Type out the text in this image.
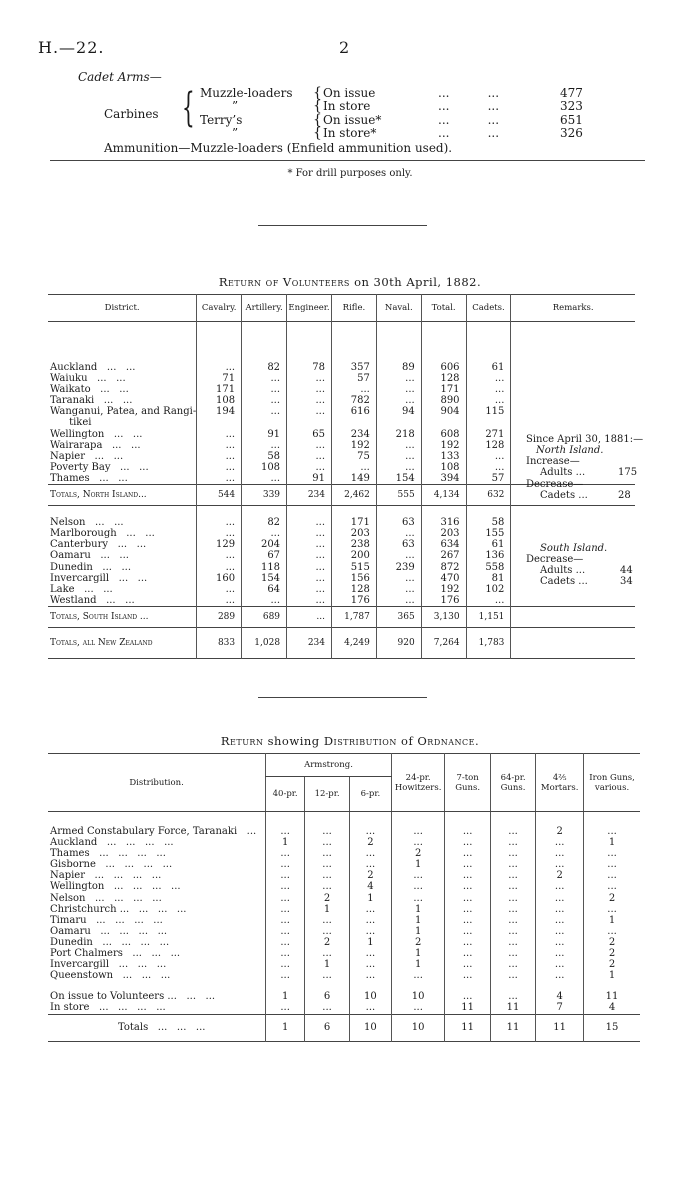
H.—22.	2
Cadet Arms—
Carbines { Muzzle-loaders { On issue	...          ...	477
”	{ In store	...          ...	323
Terry’s	{ On issue*	...          ...	651
”	{ In store*	...          ...	326
Ammunition—Muzzle-loaders (Enfield ammunition used).
* For drill purposes only.
Return of Volunteers on 30th April, 1882.
District.	Cavalry.	Artillery.	Engineer.	Rifle.	Naval.	Total.	Cadets.	Remarks.

Auckland   ...   ...	...	82	78	357	89	606	61	
Waiuku   ...   ...	71	...	...	57	...	128	...	
Waikato   ...   ...	171	...	...	...	...	171	...	
Taranaki   ...   ...	108	...	...	782	...	890	...	
Wanganui, Patea, and Rangi-	194	...	...	616	94	904	115	
tikei								
Wellington   ...   ...	...	91	65	234	218	608	271	
Wairarapa   ...   ...	...	...	...	192	...	192	128	
Napier   ...   ...	...	58	...	75	...	133	...	
Poverty Bay   ...   ...	...	108	...	...	...	108	...	
Thames   ...   ...	...	...	91	149	154	394	57	
Totals, North Island...	544	339	234	2,462	555	4,134	632	

Nelson   ...   ...	...	82	...	171	63	316	58	
Marlborough   ...   ...	...	...	...	203	...	203	155	
Canterbury   ...   ...	129	204	...	238	63	634	61	
Oamaru   ...   ...	...	67	...	200	...	267	136	
Dunedin   ...   ...	...	118	...	515	239	872	558	
Invercargill   ...   ...	160	154	...	156	...	470	81	
Lake   ...   ...	...	64	...	128	...	192	102	
Westland   ...   ...	...	...	...	176	...	176	...	
Totals, South Island ...	289	689	...	1,787	365	3,130	1,151	
Totals, all New Zealand	833	1,028	234	4,249	920	7,264	1,783	
Return showing Distribution of Ordnance.
Distribution.	Armstrong.			24-pr. Howitzers.	7-ton Guns.	64-pr. Guns.	4⅖ Mortars.	Iron Guns, various.
	40-pr.	12-pr.	6-pr.					

Armed Constabulary Force, Taranaki   ...	...	...	...	...	...	...	2	...
Auckland   ...   ...   ...   ...	1	...	2	...	...	...	...	1
Thames   ...   ...   ...   ...	...	...	...	2	...	...	...	...
Gisborne   ...   ...   ...   ...	...	...	...	1	...	...	...	...
Napier   ...   ...   ...   ...	...	...	2	...	...	...	2	...
Wellington   ...   ...   ...   ...	...	...	4	...	...	...	...	...
Nelson   ...   ...   ...   ...	...	2	1	...	...	...	...	2
Christchurch ...   ...   ...   ...	...	1	...	1	...	...	...	...
Timaru   ...   ...   ...   ...	...	...	...	1	...	...	...	1
Oamaru   ...   ...   ...   ...	...	...	...	1	...	...	...	...
Dunedin   ...   ...   ...   ...	...	2	1	2	...	...	...	2
Port Chalmers   ...   ...   ...	...	...	...	1	...	...	...	2
Invercargill   ...   ...   ...	...	1	...	1	...	...	...	2
Queenstown   ...   ...   ...	...	...	...	...	...	...	...	1

On issue to Volunteers ...   ...   ...	1	6	10	10	...	...	4	11
In store   ...   ...   ...   ...	...	...	...	...	11	11	7	4
Totals   ...   ...   ...	1	6	10	10	11	11	11	15
Since April 30, 1881:—
North Island.
Increase—
Adults ...	175
Decrease—
Cadets ...	28
South Island.
Decrease—
Adults ...	44
Cadets ...	34
